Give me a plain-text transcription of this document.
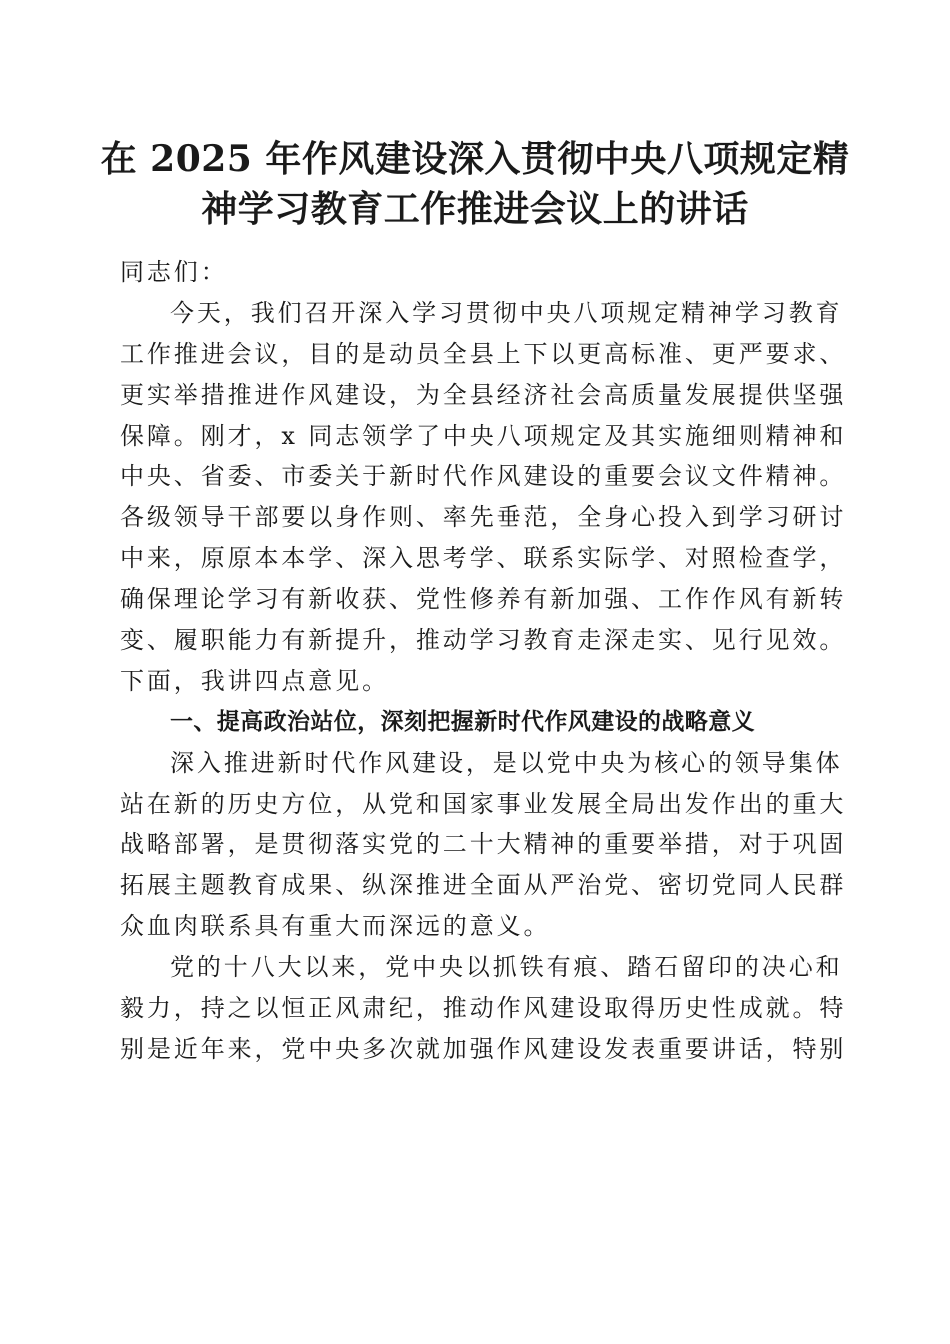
在 2025 年作风建设深入贯彻中央八项规定精
神学习教育工作推进会议上的讲话
同志们：
今天，我们召开深入学习贯彻中央八项规定精神学习教育
工作推进会议，目的是动员全县上下以更高标准、更严要求、
更实举措推进作风建设，为全县经济社会高质量发展提供坚强
保障。刚才，x 同志领学了中央八项规定及其实施细则精神和
中央、省委、市委关于新时代作风建设的重要会议文件精神。
各级领导干部要以身作则、率先垂范，全身心投入到学习研讨
中来，原原本本学、深入思考学、联系实际学、对照检查学，
确保理论学习有新收获、党性修养有新加强、工作作风有新转
变、履职能力有新提升，推动学习教育走深走实、见行见效。
下面，我讲四点意见。
一、提高政治站位，深刻把握新时代作风建设的战略意义
深入推进新时代作风建设，是以党中央为核心的领导集体
站在新的历史方位，从党和国家事业发展全局出发作出的重大
战略部署，是贯彻落实党的二十大精神的重要举措，对于巩固
拓展主题教育成果、纵深推进全面从严治党、密切党同人民群
众血肉联系具有重大而深远的意义。
党的十八大以来，党中央以抓铁有痕、踏石留印的决心和
毅力，持之以恒正风肃纪，推动作风建设取得历史性成就。特
别是近年来，党中央多次就加强作风建设发表重要讲话，特别
